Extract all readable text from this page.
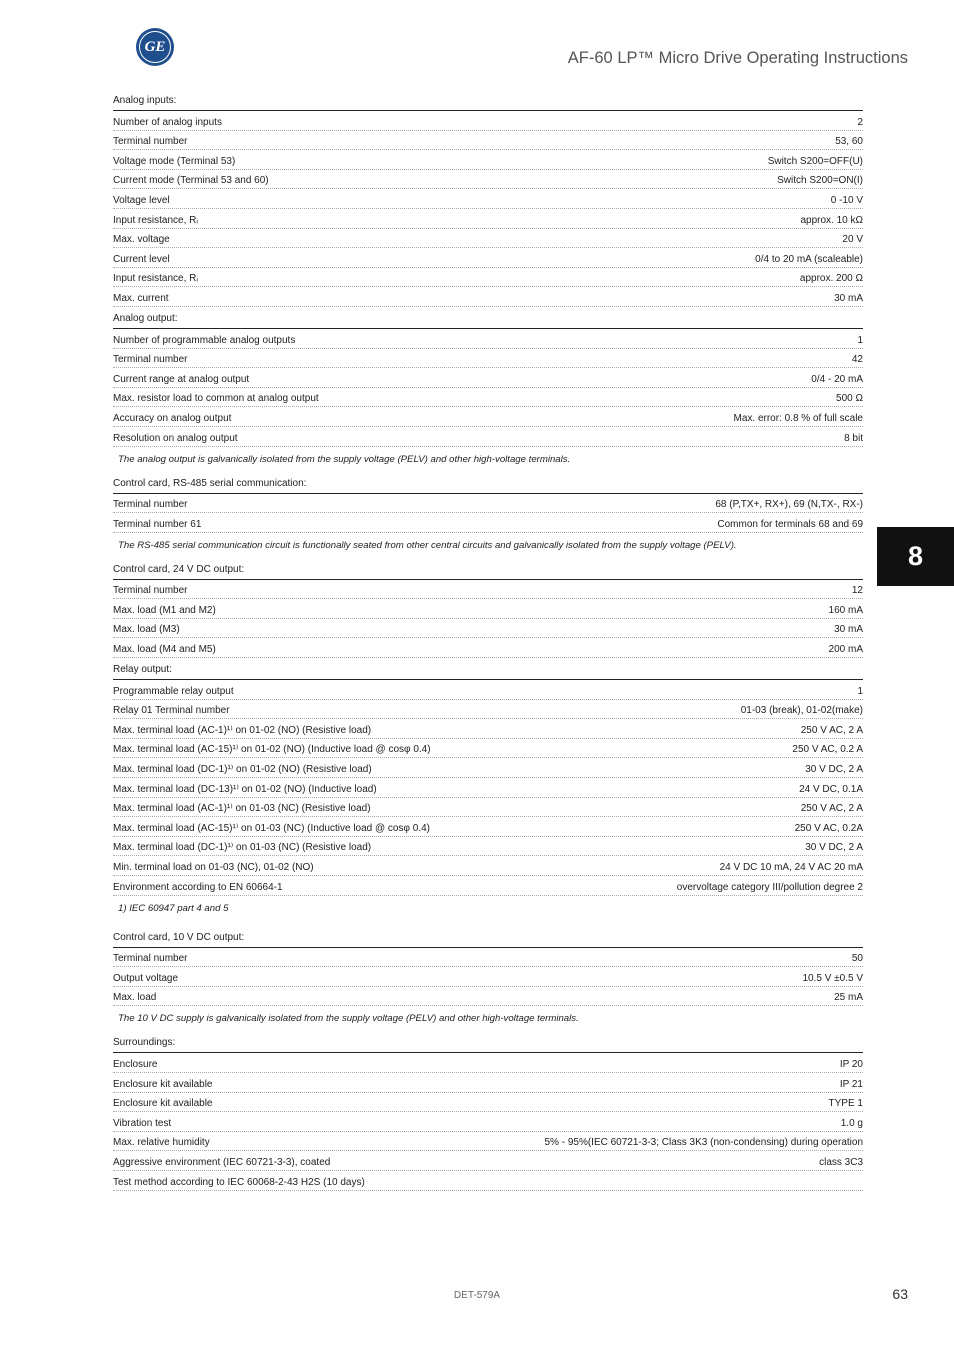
GE
AF-60 LP™ Micro Drive Operating Instructions
Analog inputs:
Number of analog inputs	2
Terminal number	53, 60
Voltage mode (Terminal 53)	Switch S200=OFF(U)
Current mode (Terminal 53 and 60)	Switch S200=ON(I)
Voltage level	0 -10 V
Input resistance, Rᵢ	approx. 10 kΩ
Max. voltage	20 V
Current level	0/4 to 20 mA (scaleable)
Input resistance, Rᵢ	approx. 200 Ω
Max. current	30 mA
Analog output:
Number of programmable analog outputs	1
Terminal number	42
Current range at analog output	0/4 - 20 mA
Max. resistor load to common at analog output	500 Ω
Accuracy on analog output	Max. error: 0.8 % of full scale
Resolution on analog output	8 bit
The analog output is galvanically isolated from the supply voltage (PELV) and other high-voltage terminals.
Control card, RS-485 serial communication:
Terminal number	68 (P,TX+, RX+), 69 (N,TX-, RX-)
Terminal number 61	Common for terminals 68 and 69
The RS-485 serial communication circuit is functionally seated from other central circuits and galvanically isolated from the supply voltage (PELV).
Control card, 24 V DC output:
Terminal number	12
Max. load (M1 and M2)	160 mA
Max. load (M3)	30 mA
Max. load (M4 and M5)	200 mA
Relay output:
Programmable relay output	1
Relay 01 Terminal number	01-03 (break), 01-02(make)
Max. terminal load (AC-1)¹⁾ on 01-02 (NO) (Resistive load)	250 V AC, 2 A
Max. terminal load (AC-15)¹⁾ on 01-02 (NO) (Inductive load @ cosφ 0.4)	250 V AC, 0.2 A
Max. terminal load (DC-1)¹⁾ on 01-02 (NO) (Resistive load)	30 V DC, 2 A
Max. terminal load (DC-13)¹⁾ on 01-02 (NO) (Inductive load)	24 V DC, 0.1A
Max. terminal load (AC-1)¹⁾ on 01-03 (NC) (Resistive load)	250 V AC, 2 A
Max. terminal load (AC-15)¹⁾ on 01-03 (NC) (Inductive load @ cosφ 0.4)	250 V AC, 0.2A
Max. terminal load (DC-1)¹⁾ on 01-03 (NC) (Resistive load)	30 V DC, 2 A
Min. terminal load on 01-03 (NC), 01-02 (NO)	24 V DC 10 mA, 24 V AC 20 mA
Environment according to EN 60664-1	overvoltage category III/pollution degree 2
1) IEC 60947 part 4 and 5
Control card, 10 V DC output:
Terminal number	50
Output voltage	10.5 V ±0.5 V
Max. load	25 mA
The 10 V DC supply is galvanically isolated from the supply voltage (PELV) and other high-voltage terminals.
Surroundings:
Enclosure	IP 20
Enclosure kit available	IP 21
Enclosure kit available	TYPE 1
Vibration test	1.0 g
Max. relative humidity	5% - 95%(IEC 60721-3-3; Class 3K3 (non-condensing) during operation
Aggressive environment (IEC 60721-3-3), coated	class 3C3
Test method according to IEC 60068-2-43 H2S (10 days)
8
DET-579A	63
